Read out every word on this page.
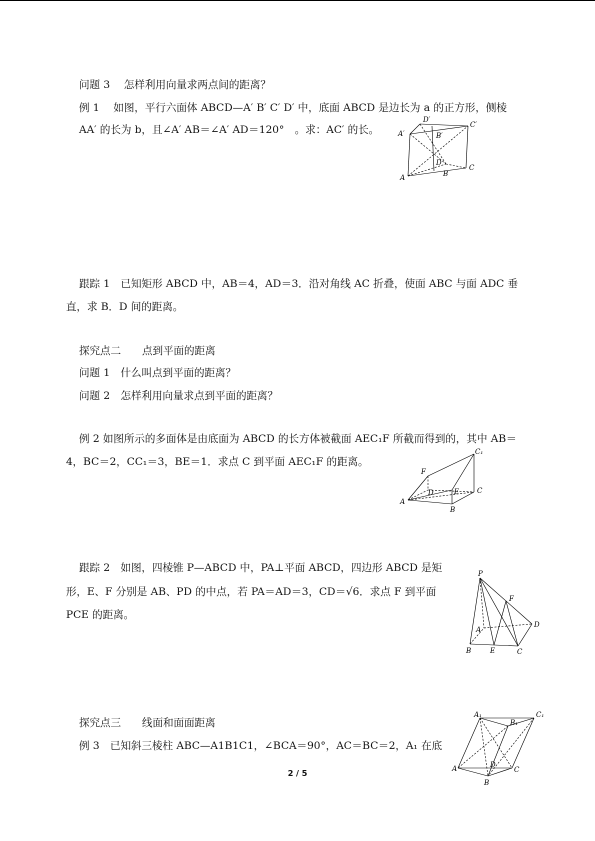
问题 3　 怎样利用向量求两点间的距离？
例 1　 如图，平行六面体 ABCD—A′ B′ C′ D′ 中，底面 ABCD 是边长为 a 的正方形，侧棱
AA′ 的长为 b，且∠A′ AB＝∠A′ AD＝120°　。求：AC′ 的长。
D′
C′
A′	B′
D
C
A	B
跟踪 1　已知矩形 ABCD 中，AB＝4，AD＝3．沿对角线 AC 折叠，使面 ABC 与面 ADC 垂
直，求 B．D 间的距离。
探究点二　　点到平面的距离
问题 1　什么叫点到平面的距离？
问题 2　怎样利用向量求点到平面的距离？
例 2 如图所示的多面体是由底面为 ABCD 的长方体被截面 AEC₁F 所截而得到的，其中 AB＝
4，BC＝2，CC₁＝3，BE＝1．求点 C 到平面 AEC₁F 的距离。
C₁
F
D	C
A
E
B
跟踪 2　如图，四棱锥 P—ABCD 中，PA⊥平面 ABCD，四边形 ABCD 是矩
形，E、F 分别是 AB、PD 的中点，若 PA＝AD＝3，CD＝√6．求点 F 到平面
PCE 的距离。
P
F
A
D
E
B	C
探究点三　　线面和面面距离
例 3　已知斜三棱柱 ABC—A1B1C1，∠BCA＝90°，AC＝BC＝2，A₁ 在底
A₁
B₁
C₁
A	D
B
C
2 / 5
